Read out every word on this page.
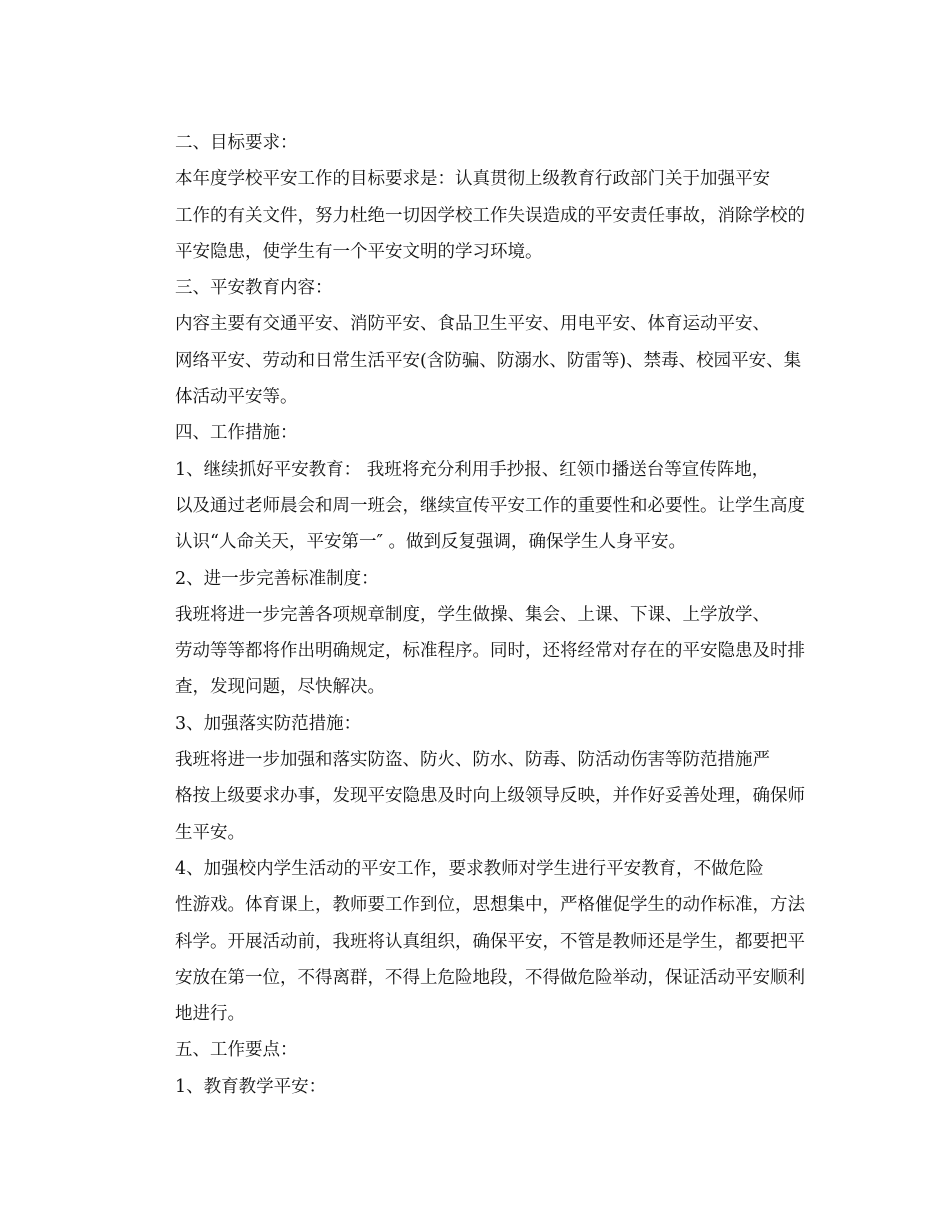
二、目标要求：

本年度学校平安工作的目标要求是：认真贯彻上级教育行政部门关于加强平安
工作的有关文件，努力杜绝一切因学校工作失误造成的平安责任事故，消除学校的
平安隐患，使学生有一个平安文明的学习环境。

三、平安教育内容：

内容主要有交通平安、消防平安、食品卫生平安、用电平安、体育运动平安、
网络平安、劳动和日常生活平安(含防骗、防溺水、防雷等)、禁毒、校园平安、集
体活动平安等。

四、工作措施：

1、继续抓好平安教育： 我班将充分利用手抄报、红领巾播送台等宣传阵地，
以及通过老师晨会和周一班会，继续宣传平安工作的重要性和必要性。让学生高度
认识“人命关天，平安第一″ 。做到反复强调，确保学生人身平安。

2、进一步完善标准制度：

我班将进一步完善各项规章制度，学生做操、集会、上课、下课、上学放学、
劳动等等都将作出明确规定，标准程序。同时，还将经常对存在的平安隐患及时排
查，发现问题，尽快解决。

3、加强落实防范措施：

我班将进一步加强和落实防盗、防火、防水、防毒、防活动伤害等防范措施严
格按上级要求办事，发现平安隐患及时向上级领导反映，并作好妥善处理，确保师
生平安。

4、加强校内学生活动的平安工作，要求教师对学生进行平安教育，不做危险
性游戏。体育课上，教师要工作到位，思想集中，严格催促学生的动作标准，方法
科学。开展活动前，我班将认真组织，确保平安，不管是教师还是学生，都要把平
安放在第一位，不得离群，不得上危险地段，不得做危险举动，保证活动平安顺利
地进行。

五、工作要点：

1、教育教学平安：
